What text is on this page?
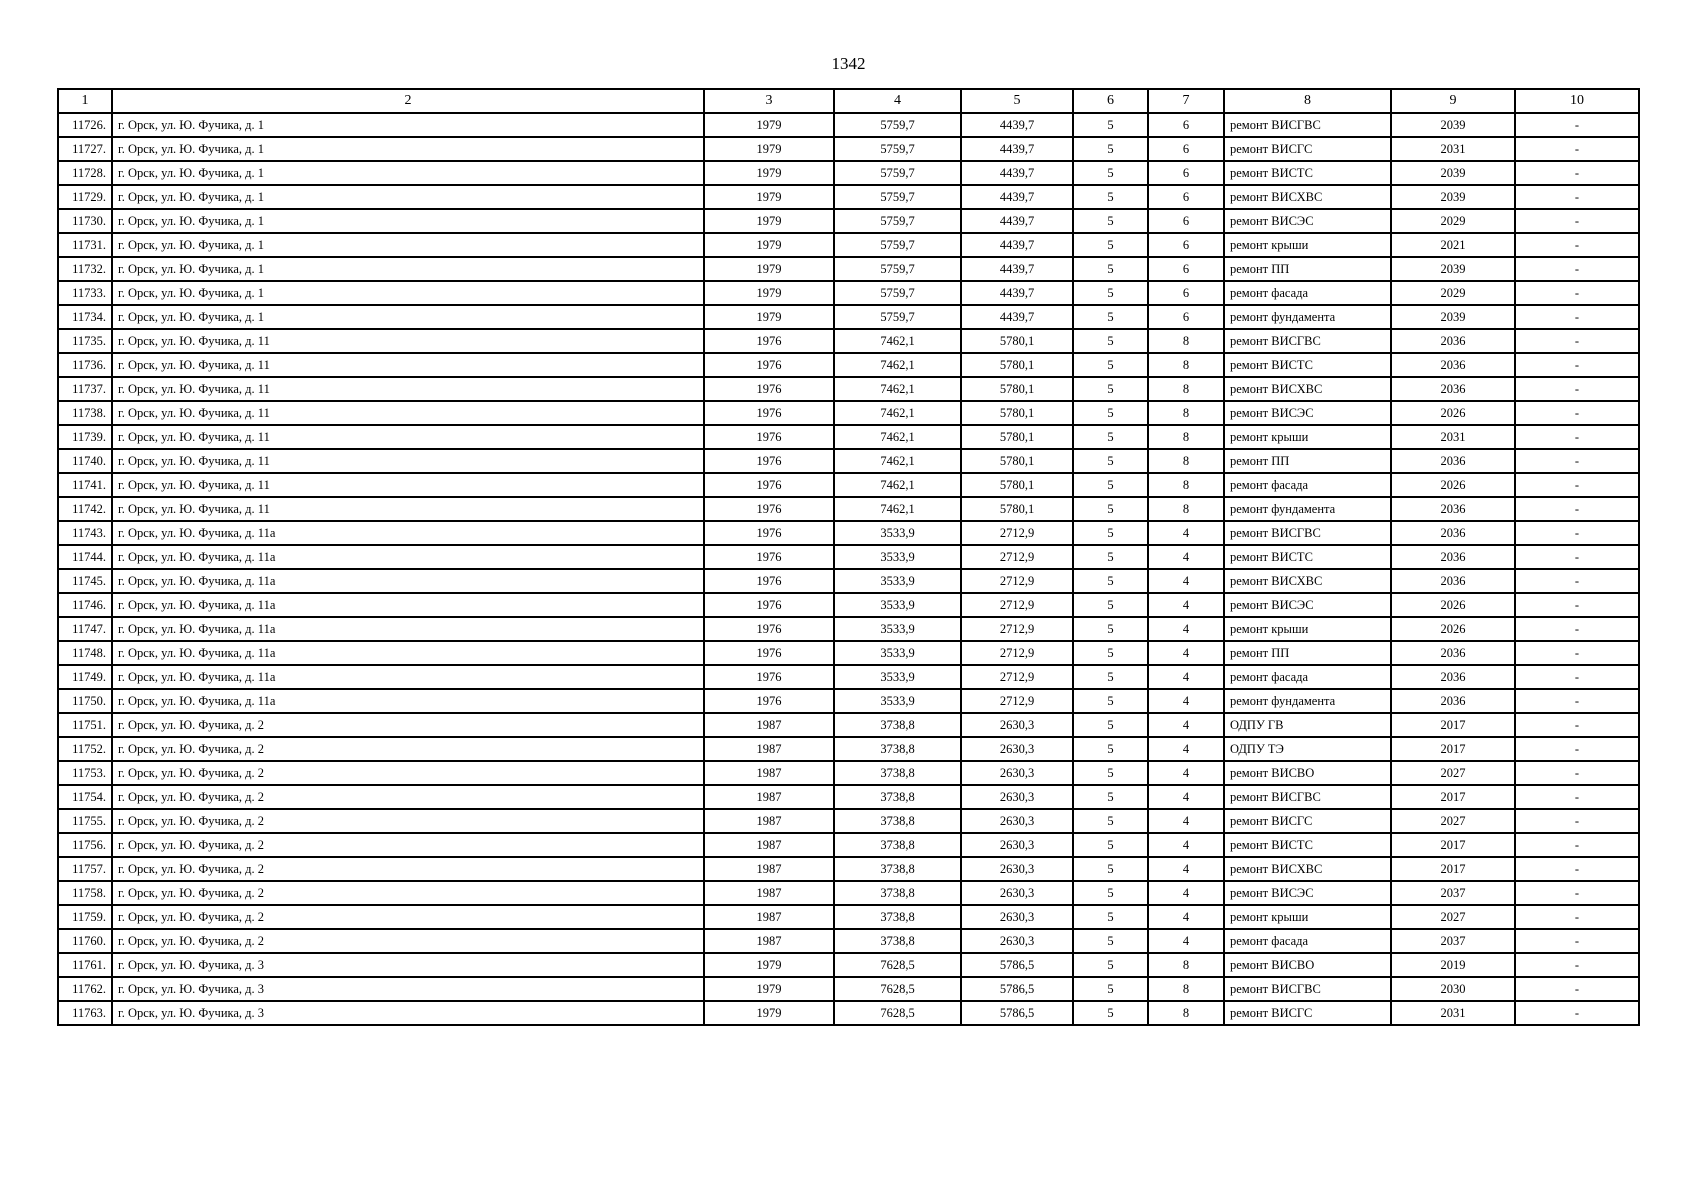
1342
1	2	3	4	5	6	7	8	9	10
11726.	г. Орск, ул. Ю. Фучика, д. 1	1979	5759,7	4439,7	5	6	ремонт ВИСГВС	2039	-
11727.	г. Орск, ул. Ю. Фучика, д. 1	1979	5759,7	4439,7	5	6	ремонт ВИСГС	2031	-
11728.	г. Орск, ул. Ю. Фучика, д. 1	1979	5759,7	4439,7	5	6	ремонт ВИСТС	2039	-
11729.	г. Орск, ул. Ю. Фучика, д. 1	1979	5759,7	4439,7	5	6	ремонт ВИСХВС	2039	-
11730.	г. Орск, ул. Ю. Фучика, д. 1	1979	5759,7	4439,7	5	6	ремонт ВИСЭС	2029	-
11731.	г. Орск, ул. Ю. Фучика, д. 1	1979	5759,7	4439,7	5	6	ремонт крыши	2021	-
11732.	г. Орск, ул. Ю. Фучика, д. 1	1979	5759,7	4439,7	5	6	ремонт ПП	2039	-
11733.	г. Орск, ул. Ю. Фучика, д. 1	1979	5759,7	4439,7	5	6	ремонт фасада	2029	-
11734.	г. Орск, ул. Ю. Фучика, д. 1	1979	5759,7	4439,7	5	6	ремонт фундамента	2039	-
11735.	г. Орск, ул. Ю. Фучика, д. 11	1976	7462,1	5780,1	5	8	ремонт ВИСГВС	2036	-
11736.	г. Орск, ул. Ю. Фучика, д. 11	1976	7462,1	5780,1	5	8	ремонт ВИСТС	2036	-
11737.	г. Орск, ул. Ю. Фучика, д. 11	1976	7462,1	5780,1	5	8	ремонт ВИСХВС	2036	-
11738.	г. Орск, ул. Ю. Фучика, д. 11	1976	7462,1	5780,1	5	8	ремонт ВИСЭС	2026	-
11739.	г. Орск, ул. Ю. Фучика, д. 11	1976	7462,1	5780,1	5	8	ремонт крыши	2031	-
11740.	г. Орск, ул. Ю. Фучика, д. 11	1976	7462,1	5780,1	5	8	ремонт ПП	2036	-
11741.	г. Орск, ул. Ю. Фучика, д. 11	1976	7462,1	5780,1	5	8	ремонт фасада	2026	-
11742.	г. Орск, ул. Ю. Фучика, д. 11	1976	7462,1	5780,1	5	8	ремонт фундамента	2036	-
11743.	г. Орск, ул. Ю. Фучика, д. 11а	1976	3533,9	2712,9	5	4	ремонт ВИСГВС	2036	-
11744.	г. Орск, ул. Ю. Фучика, д. 11а	1976	3533,9	2712,9	5	4	ремонт ВИСТС	2036	-
11745.	г. Орск, ул. Ю. Фучика, д. 11а	1976	3533,9	2712,9	5	4	ремонт ВИСХВС	2036	-
11746.	г. Орск, ул. Ю. Фучика, д. 11а	1976	3533,9	2712,9	5	4	ремонт ВИСЭС	2026	-
11747.	г. Орск, ул. Ю. Фучика, д. 11а	1976	3533,9	2712,9	5	4	ремонт крыши	2026	-
11748.	г. Орск, ул. Ю. Фучика, д. 11а	1976	3533,9	2712,9	5	4	ремонт ПП	2036	-
11749.	г. Орск, ул. Ю. Фучика, д. 11а	1976	3533,9	2712,9	5	4	ремонт фасада	2036	-
11750.	г. Орск, ул. Ю. Фучика, д. 11а	1976	3533,9	2712,9	5	4	ремонт фундамента	2036	-
11751.	г. Орск, ул. Ю. Фучика, д. 2	1987	3738,8	2630,3	5	4	ОДПУ ГВ	2017	-
11752.	г. Орск, ул. Ю. Фучика, д. 2	1987	3738,8	2630,3	5	4	ОДПУ ТЭ	2017	-
11753.	г. Орск, ул. Ю. Фучика, д. 2	1987	3738,8	2630,3	5	4	ремонт ВИСВО	2027	-
11754.	г. Орск, ул. Ю. Фучика, д. 2	1987	3738,8	2630,3	5	4	ремонт ВИСГВС	2017	-
11755.	г. Орск, ул. Ю. Фучика, д. 2	1987	3738,8	2630,3	5	4	ремонт ВИСГС	2027	-
11756.	г. Орск, ул. Ю. Фучика, д. 2	1987	3738,8	2630,3	5	4	ремонт ВИСТС	2017	-
11757.	г. Орск, ул. Ю. Фучика, д. 2	1987	3738,8	2630,3	5	4	ремонт ВИСХВС	2017	-
11758.	г. Орск, ул. Ю. Фучика, д. 2	1987	3738,8	2630,3	5	4	ремонт ВИСЭС	2037	-
11759.	г. Орск, ул. Ю. Фучика, д. 2	1987	3738,8	2630,3	5	4	ремонт крыши	2027	-
11760.	г. Орск, ул. Ю. Фучика, д. 2	1987	3738,8	2630,3	5	4	ремонт фасада	2037	-
11761.	г. Орск, ул. Ю. Фучика, д. 3	1979	7628,5	5786,5	5	8	ремонт ВИСВО	2019	-
11762.	г. Орск, ул. Ю. Фучика, д. 3	1979	7628,5	5786,5	5	8	ремонт ВИСГВС	2030	-
11763.	г. Орск, ул. Ю. Фучика, д. 3	1979	7628,5	5786,5	5	8	ремонт ВИСГС	2031	-
